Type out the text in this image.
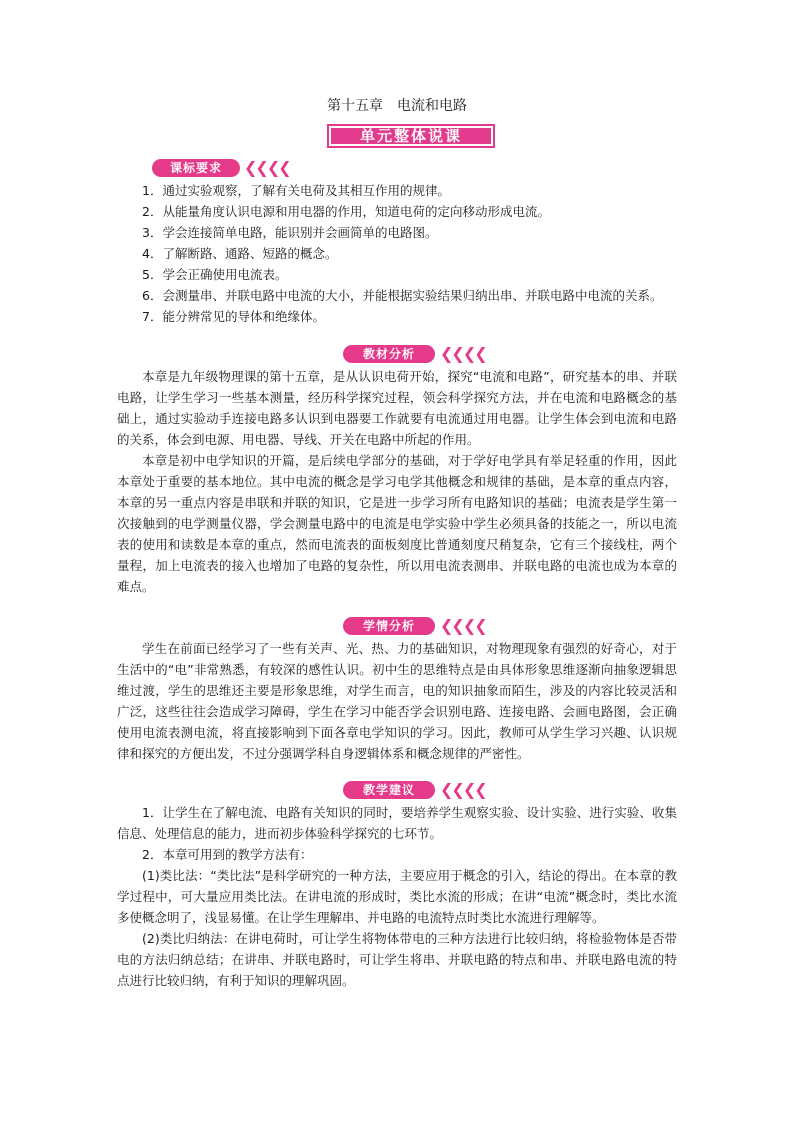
第十五章　电流和电路
单元整体说课
课标要求	❮❮❮❮

1．通过实验观察，了解有关电荷及其相互作用的规律。

2．从能量角度认识电源和用电器的作用，知道电荷的定向移动形成电流。

3．学会连接简单电路，能识别并会画简单的电路图。

4．了解断路、通路、短路的概念。

5．学会正确使用电流表。

6．会测量串、并联电路中电流的大小，并能根据实验结果归纳出串、并联电路中电流的关系。

7．能分辨常见的导体和绝缘体。

教材分析	❮❮❮❮

本章是九年级物理课的第十五章，是从认识电荷开始，探究“电流和电路”，研究基本的串、并联电路，让学生学习一些基本测量，经历科学探究过程，领会科学探究方法，并在电流和电路概念的基础上，通过实验动手连接电路多认识到电器要工作就要有电流通过用电器。让学生体会到电流和电路的关系，体会到电源、用电器、导线、开关在电路中所起的作用。

本章是初中电学知识的开篇，是后续电学部分的基础，对于学好电学具有举足轻重的作用，因此本章处于重要的基本地位。其中电流的概念是学习电学其他概念和规律的基础，是本章的重点内容，本章的另一重点内容是串联和并联的知识，它是进一步学习所有电路知识的基础；电流表是学生第一次接触到的电学测量仪器，学会测量电路中的电流是电学实验中学生必须具备的技能之一，所以电流表的使用和读数是本章的重点，然而电流表的面板刻度比普通刻度尺稍复杂，它有三个接线柱，两个量程，加上电流表的接入也增加了电路的复杂性，所以用电流表测串、并联电路的电流也成为本章的难点。

学情分析	❮❮❮❮

学生在前面已经学习了一些有关声、光、热、力的基础知识，对物理现象有强烈的好奇心，对于生活中的“电”非常熟悉，有较深的感性认识。初中生的思维特点是由具体形象思维逐渐向抽象逻辑思维过渡，学生的思维还主要是形象思维，对学生而言，电的知识抽象而陌生，涉及的内容比较灵活和广泛，这些往往会造成学习障碍，学生在学习中能否学会识别电路、连接电路、会画电路图，会正确使用电流表测电流，将直接影响到下面各章电学知识的学习。因此，教师可从学生学习兴趣、认识规律和探究的方便出发，不过分强调学科自身逻辑体系和概念规律的严密性。

教学建议	❮❮❮❮

1．让学生在了解电流、电路有关知识的同时，要培养学生观察实验、设计实验、进行实验、收集信息、处理信息的能力，进而初步体验科学探究的七环节。

2．本章可用到的教学方法有：

(1)类比法：“类比法”是科学研究的一种方法，主要应用于概念的引入，结论的得出。在本章的教学过程中，可大量应用类比法。在讲电流的形成时，类比水流的形成；在讲“电流”概念时，类比水流多使概念明了，浅显易懂。在让学生理解串、并电路的电流特点时类比水流进行理解等。

(2)类比归纳法：在讲电荷时，可让学生将物体带电的三种方法进行比较归纳，将检验物体是否带电的方法归纳总结；在讲串、并联电路时，可让学生将串、并联电路的特点和串、并联电路电流的特点进行比较归纳，有利于知识的理解巩固。
